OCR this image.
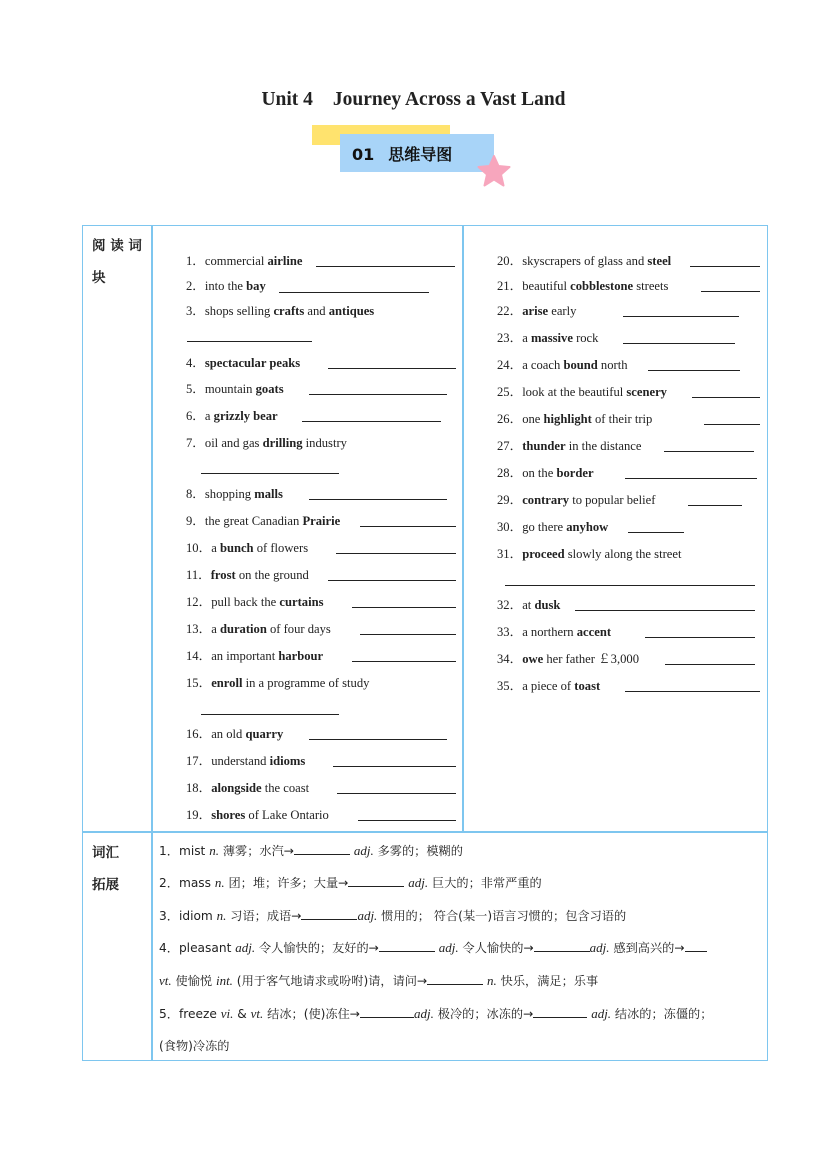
Unit 4 Journey Across a Vast Land
01 思维导图
阅 读 词
块
词汇
拓展
1．commercial airline
2．into the bay
3．shops selling crafts and antiques
4．spectacular peaks
5．mountain goats
6．a grizzly bear
7．oil and gas drilling industry
8．shopping malls
9．the great Canadian Prairie
10．a bunch of flowers
11．frost on the ground
12．pull back the curtains
13．a duration of four days
14．an important harbour
15．enroll in a programme of study
16．an old quarry
17．understand idioms
18．alongside the coast
19．shores of Lake Ontario
20．skyscrapers of glass and steel
21．beautiful cobblestone streets
22．arise early
23．a massive rock
24．a coach bound north
25．look at the beautiful scenery
26．one highlight of their trip
27．thunder in the distance
28．on the border
29．contrary to popular belief
30．go there anyhow
31．proceed slowly along the street
32．at dusk
33．a northern accent
34．owe her father ￡3,000
35．a piece of toast
1．mist n. 薄雾；水汽→	adj. 多雾的；模糊的
2．mass n. 团；堆；许多；大量→	adj. 巨大的；非常严重的
3．idiom n. 习语；成语→	adj. 惯用的； 符合(某一)语言习惯的；包含习语的
4．pleasant adj. 令人愉快的；友好的→	adj. 令人愉快的→	adj. 感到高兴的→
vt. 使愉悦 int. (用于客气地请求或吩咐)请，请问→	n. 快乐，满足；乐事
5．freeze vi. & vt. 结冰；(使)冻住→	adj. 极冷的；冰冻的→	adj. 结冰的；冻僵的；
(食物)冷冻的
